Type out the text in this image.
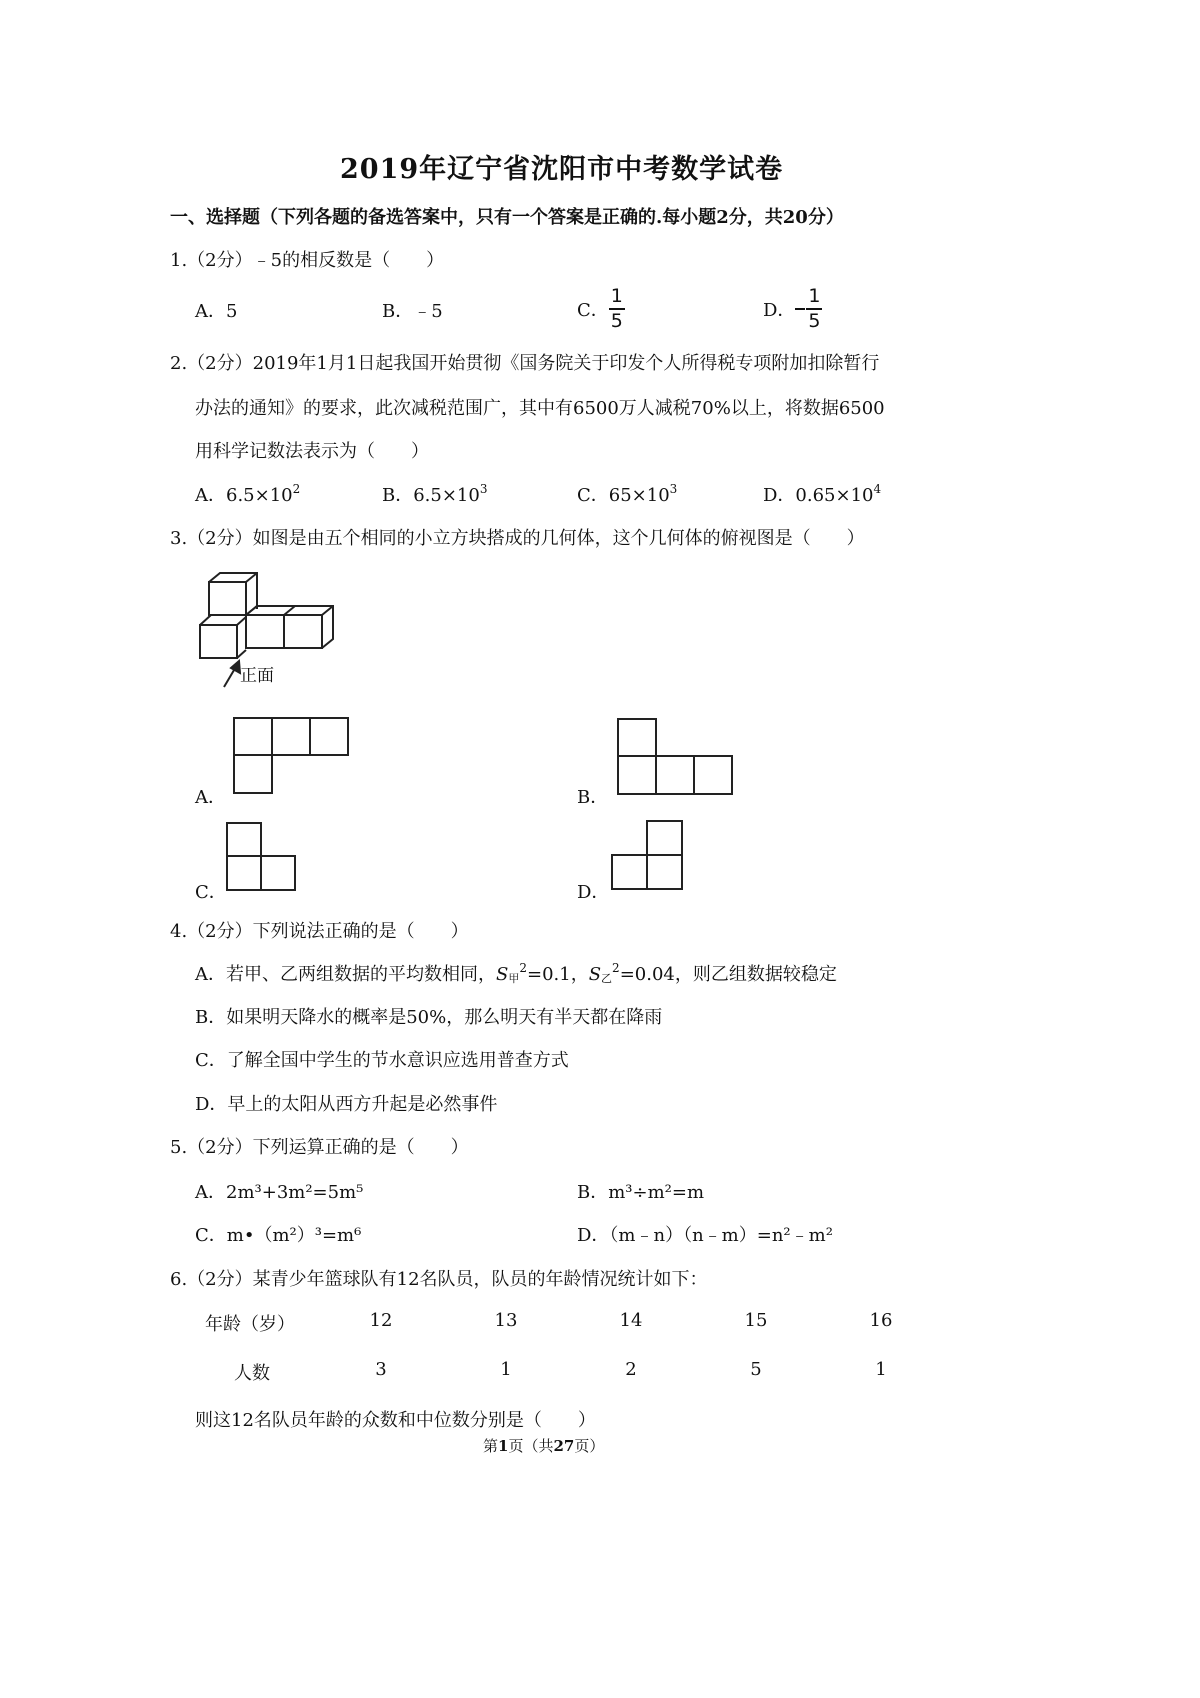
2019年辽宁省沈阳市中考数学试卷
一、选择题（下列各题的备选答案中，只有一个答案是正确的.每小题2分，共20分）
1.（2分）﹣5的相反数是（　　）
A．5	B．﹣5	C． $\frac{1}{5}$	D． $\frac{1}{5}$
2.（2分）2019年1月1日起我国开始贯彻《国务院关于印发个人所得税专项附加扣除暂行
办法的通知》的要求，此次减税范围广，其中有6500万人减税70%以上，将数据6500
用科学记数法表示为（　　）
A．$6.5\times 10^2$	B．$6.5\times 10^3$	C．$65\times 10^3$	D．$0.65\times 10^4$
3.（2分）如图是由五个相同的小立方块搭成的几何体，这个几何体的俯视图是（　　）
正面
A．	B．
C．	D．
4.（2分）下列说法正确的是（　　）
A．若甲、乙两组数据的平均数相同，$S_甲^2=0.1$，$S_乙^2=0.04$，则乙组数据较稳定
B．如果明天降水的概率是50%，那么明天有半天都在降雨
C．了解全国中学生的节水意识应选用普查方式
D．早上的太阳从西方升起是必然事件
5.（2分）下列运算正确的是（　　）
A．2m³+3m²=5m⁵	B．m³÷m²=m
C．m•（m²）³=m⁶	D．（m﹣n）（n﹣m）=n²﹣m²
6.（2分）某青少年篮球队有12名队员，队员的年龄情况统计如下：
年龄（岁）	12	13	14	15	16
人数	3	1	2	5	1
则这12名队员年龄的众数和中位数分别是（　　）
第1页（共27页）
